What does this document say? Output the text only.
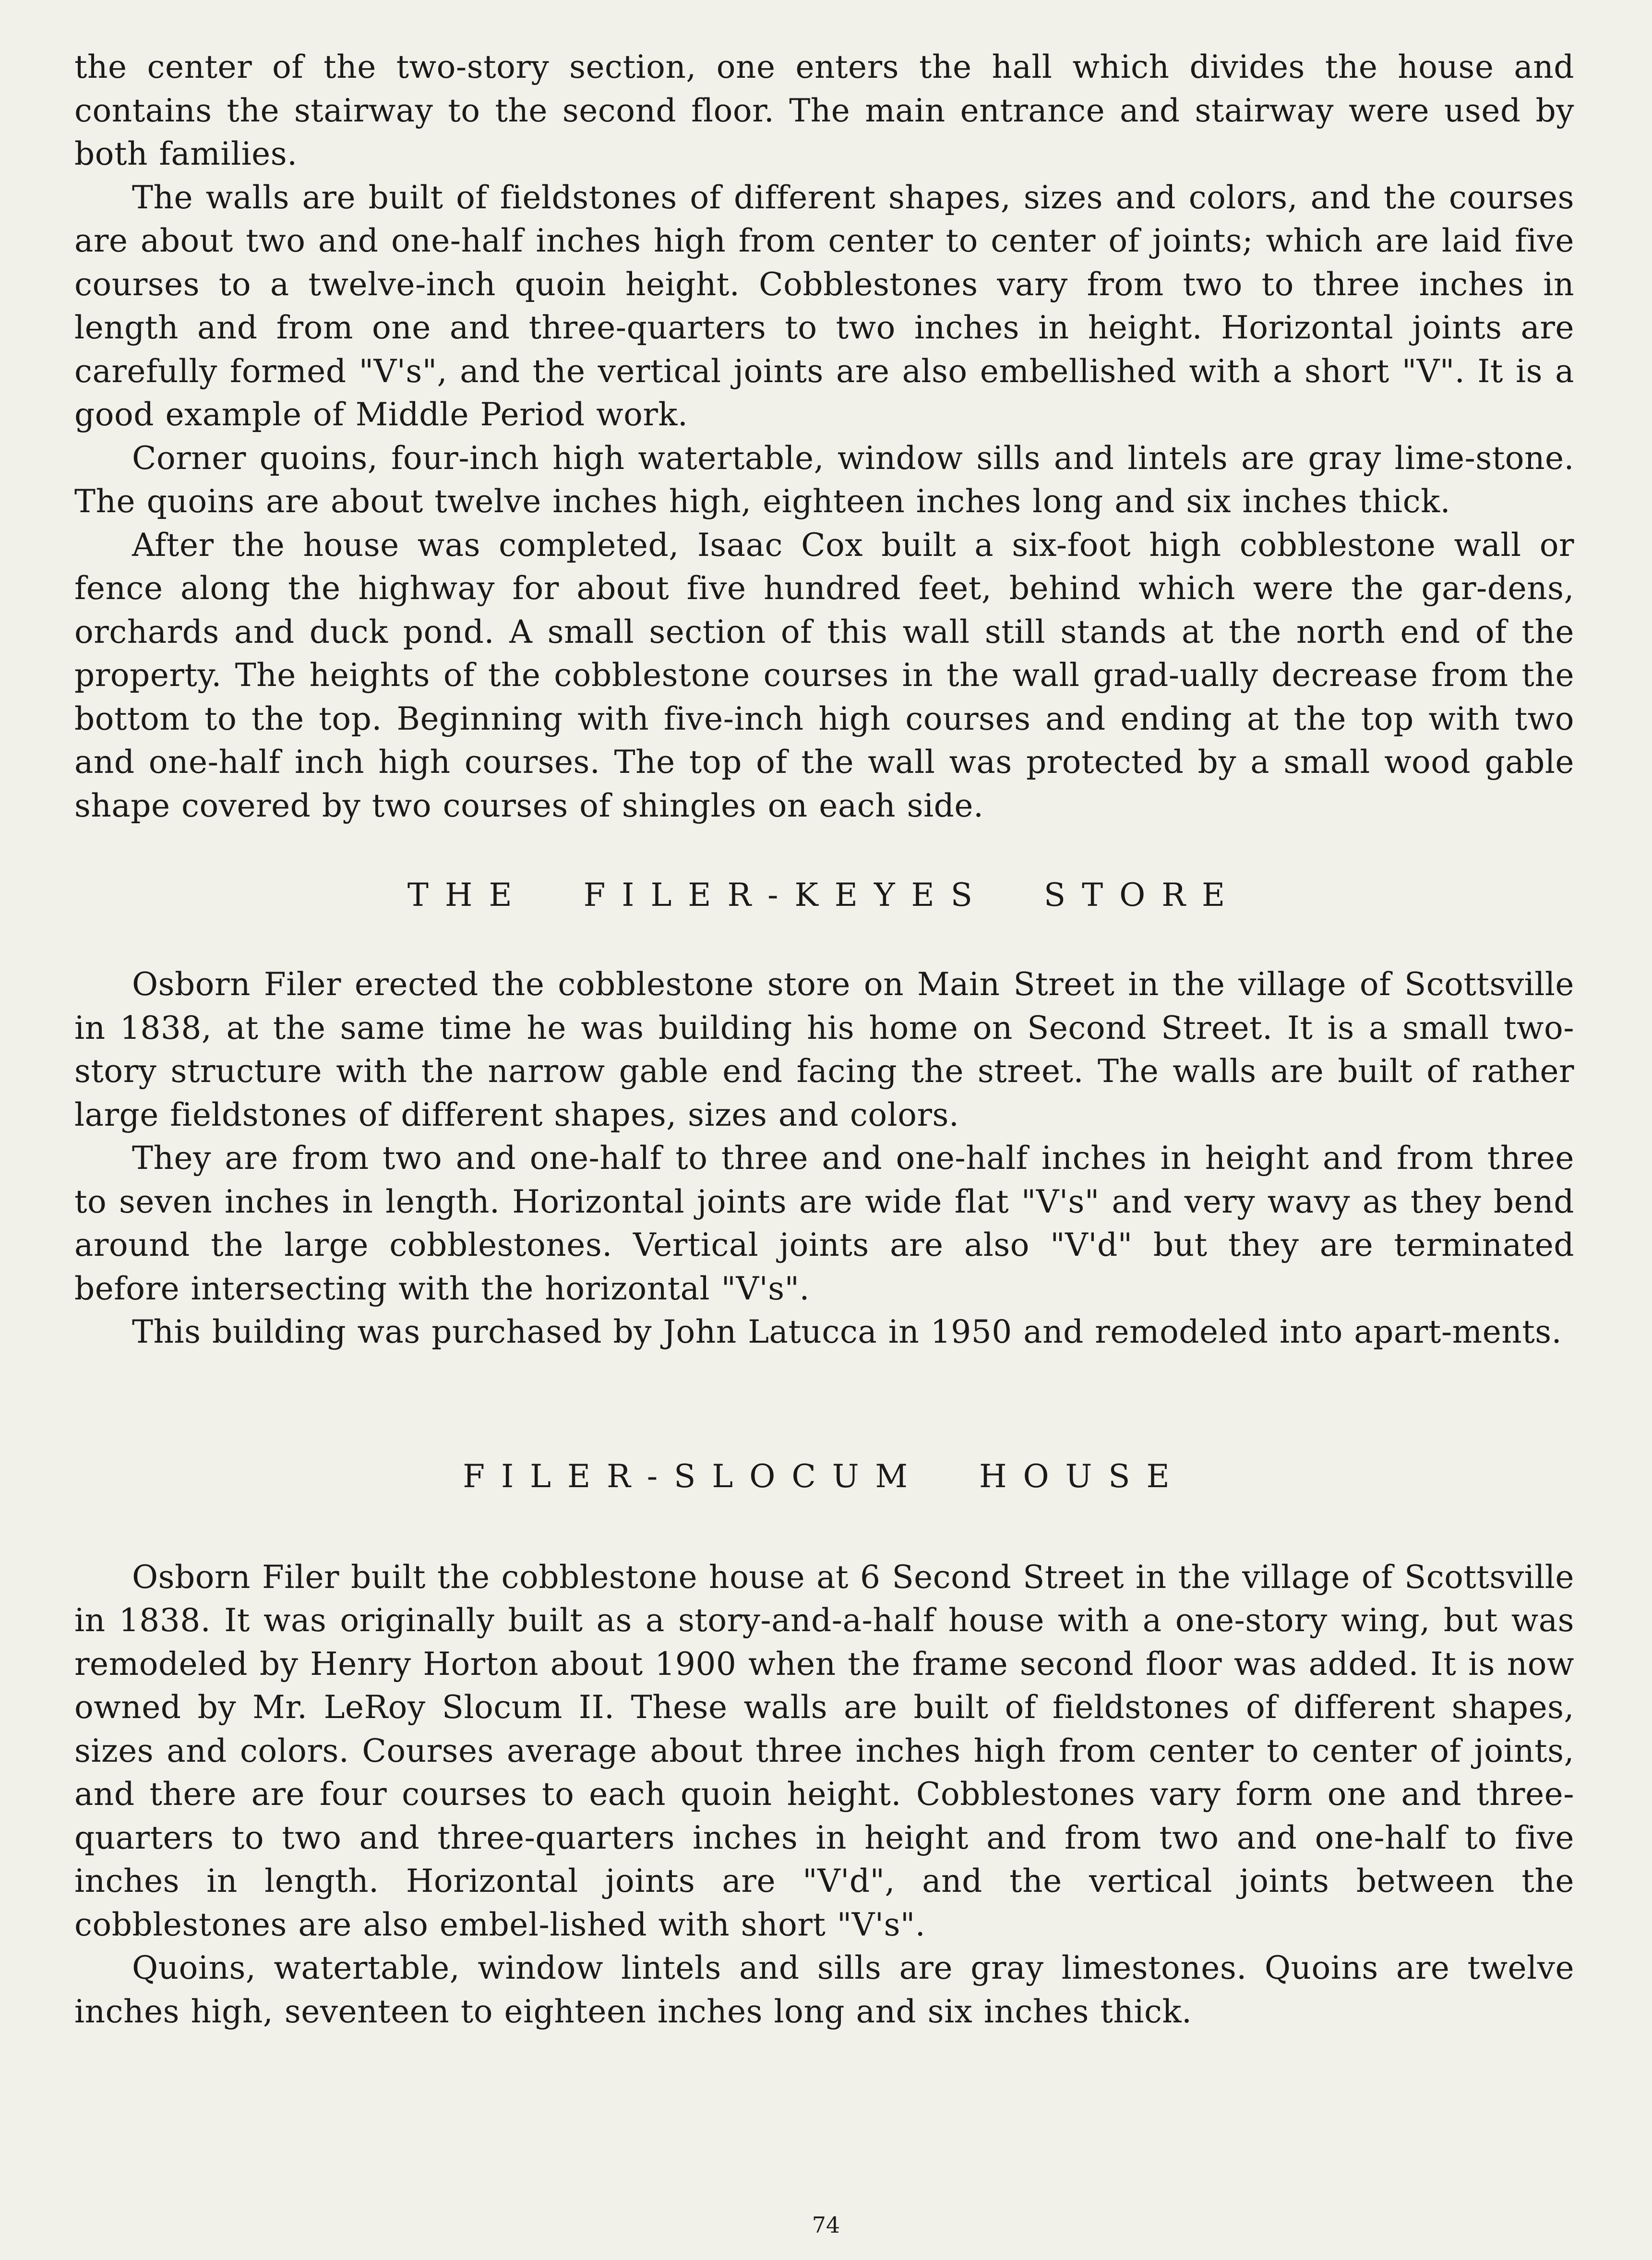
the center of the two-story section, one enters the hall which divides the house and contains the stairway to the second floor. The main entrance and stairway were used by both families.

The walls are built of fieldstones of different shapes, sizes and colors, and the courses are about two and one-half inches high from center to center of joints; which are laid five courses to a twelve-inch quoin height. Cobblestones vary from two to three inches in length and from one and three-quarters to two inches in height. Horizontal joints are carefully formed "V's", and the vertical joints are also embellished with a short "V". It is a good example of Middle Period work.

Corner quoins, four-inch high watertable, window sills and lintels are gray lime-stone. The quoins are about twelve inches high, eighteen inches long and six inches thick.

After the house was completed, Isaac Cox built a six-foot high cobblestone wall or fence along the highway for about five hundred feet, behind which were the gar-dens, orchards and duck pond. A small section of this wall still stands at the north end of the property. The heights of the cobblestone courses in the wall grad-ually decrease from the bottom to the top. Beginning with five-inch high courses and ending at the top with two and one-half inch high courses. The top of the wall was protected by a small wood gable shape covered by two courses of shingles on each side.

THE FILER-KEYES STORE

Osborn Filer erected the cobblestone store on Main Street in the village of Scottsville in 1838, at the same time he was building his home on Second Street. It is a small two-story structure with the narrow gable end facing the street. The walls are built of rather large fieldstones of different shapes, sizes and colors.

They are from two and one-half to three and one-half inches in height and from three to seven inches in length. Horizontal joints are wide flat "V's" and very wavy as they bend around the large cobblestones. Vertical joints are also "V'd" but they are terminated before intersecting with the horizontal "V's".

This building was purchased by John Latucca in 1950 and remodeled into apart-ments.

FILER-SLOCUM HOUSE

Osborn Filer built the cobblestone house at 6 Second Street in the village of Scottsville in 1838. It was originally built as a story-and-a-half house with a one-story wing, but was remodeled by Henry Horton about 1900 when the frame second floor was added. It is now owned by Mr. LeRoy Slocum II. These walls are built of fieldstones of different shapes, sizes and colors. Courses average about three inches high from center to center of joints, and there are four courses to each quoin height. Cobblestones vary form one and three-quarters to two and three-quarters inches in height and from two and one-half to five inches in length. Horizontal joints are "V'd", and the vertical joints between the cobblestones are also embel-lished with short "V's".

Quoins, watertable, window lintels and sills are gray limestones. Quoins are twelve inches high, seventeen to eighteen inches long and six inches thick.

74
